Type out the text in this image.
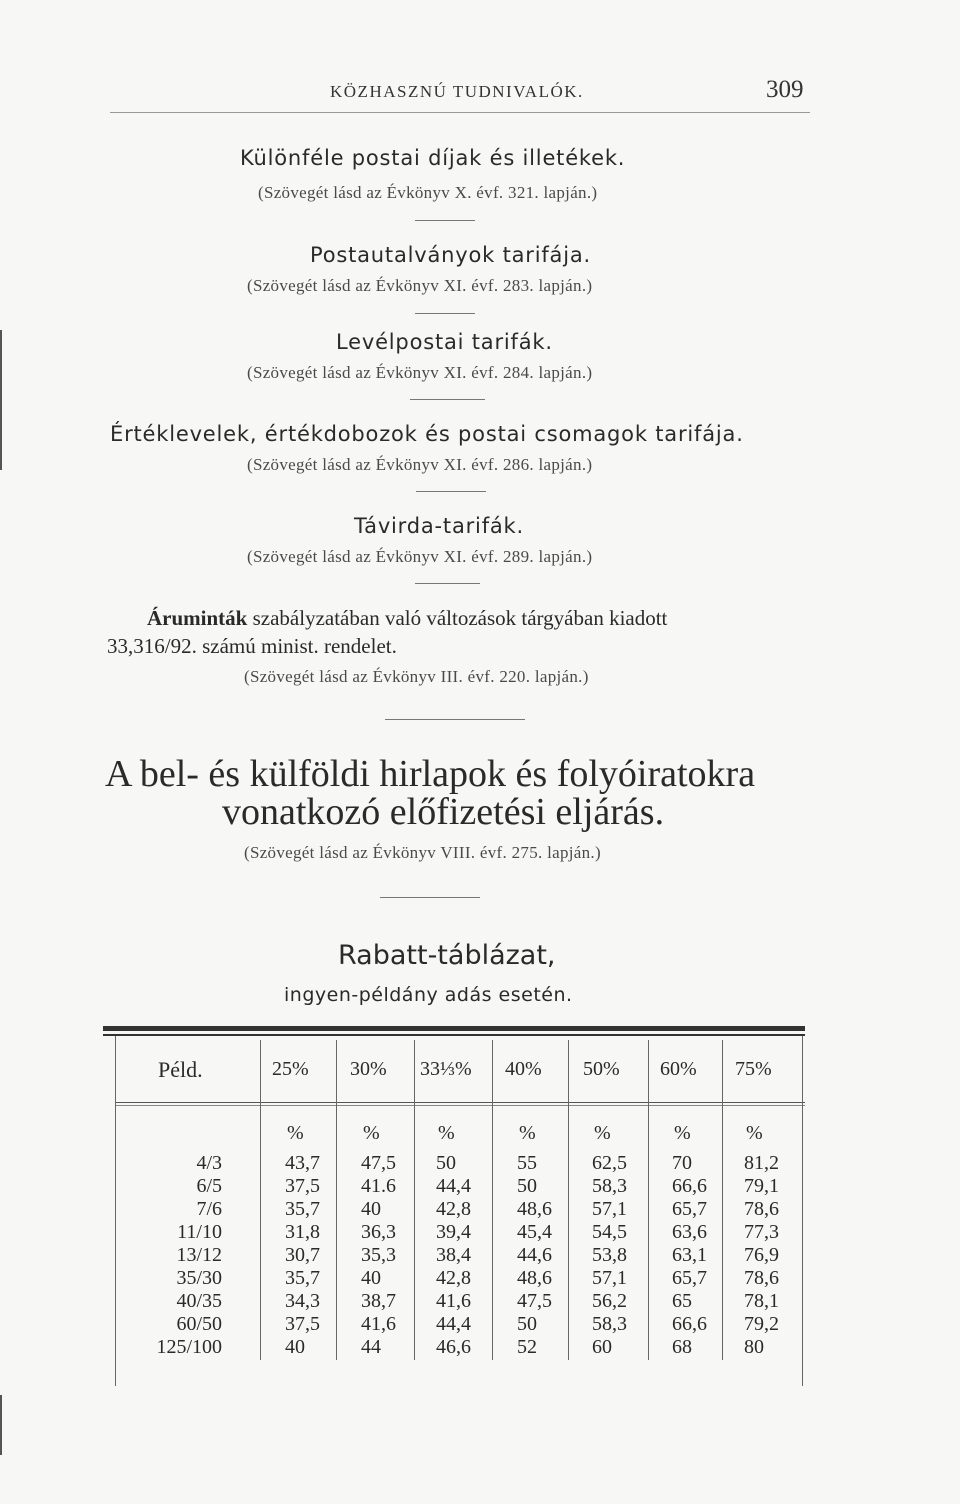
KÖZHASZNÚ TUDNIVALÓK.	309
Különféle postai díjak és illetékek.
(Szövegét lásd az Évkönyv X. évf. 321. lapján.)
Postautalványok tarifája.
(Szövegét lásd az Évkönyv XI. évf. 283. lapján.)
Levélpostai tarifák.
(Szövegét lásd az Évkönyv XI. évf. 284. lapján.)
Értéklevelek, értékdobozok és postai csomagok tarifája.
(Szövegét lásd az Évkönyv XI. évf. 286. lapján.)
Távirda-tarifák.
(Szövegét lásd az Évkönyv XI. évf. 289. lapján.)
Áruminták szabályzatában való változások tárgyában kiadott
33,316/92. számú minist. rendelet.
(Szövegét lásd az Évkönyv III. évf. 220. lapján.)
A bel- és külföldi hirlapok és folyóiratokra
vonatkozó előfizetési eljárás.
(Szövegét lásd az Évkönyv VIII. évf. 275. lapján.)
Rabatt-táblázat,
ingyen-példány adás esetén.
Péld.	25% 30% 33⅓% 40% 50% 60% 75%
%	%	%	%	%	%	%
4/3	43,7 47,5 50	55	62,5 70	81,2
6/5	37,5 41.6 44,4 50	58,3 66,6 79,1
7/6	35,7 40	42,8 48,6 57,1 65,7 78,6
11/10	31,8 36,3 39,4 45,4 54,5 63,6 77,3
13/12	30,7 35,3 38,4 44,6 53,8 63,1 76,9
35/30	35,7 40	42,8 48,6 57,1 65,7 78,6
40/35	34,3 38,7 41,6 47,5 56,2 65	78,1
60/50	37,5 41,6 44,4 50	58,3 66,6 79,2
125/100	40	44	46,6 52	60	68	80
